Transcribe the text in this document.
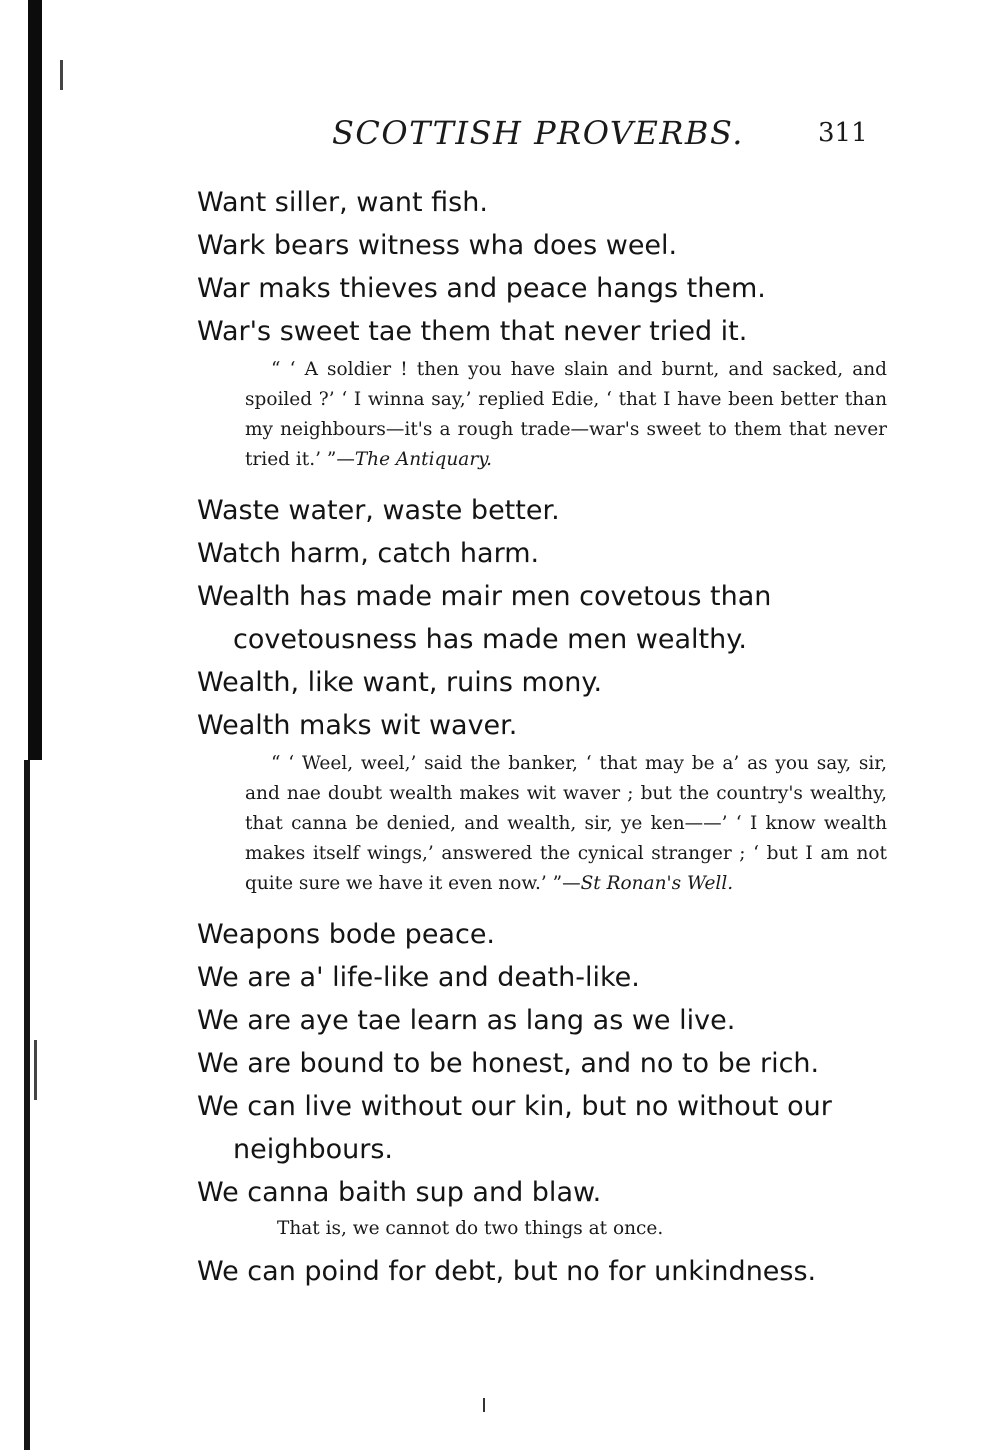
SCOTTISH PROVERBS.	311

Want siller, want fish.

Wark bears witness wha does weel.

War maks thieves and peace hangs them.

War's sweet tae them that never tried it.

“ ‘ A soldier ! then you have slain and burnt, and sacked, and spoiled ?’ ‘ I winna say,’ replied Edie, ‘ that I have been better than my neighbours—it's a rough trade—war's sweet to them that never tried it.’ ”—The Antiquary.

Waste water, waste better.

Watch harm, catch harm.

Wealth has made mair men covetous than covetousness has made men wealthy.

Wealth, like want, ruins mony.

Wealth maks wit waver.

“ ‘ Weel, weel,’ said the banker, ‘ that may be a’ as you say, sir, and nae doubt wealth makes wit waver ; but the country's wealthy, that canna be denied, and wealth, sir, ye ken——’ ‘ I know wealth makes itself wings,’ answered the cynical stranger ; ‘ but I am not quite sure we have it even now.’ ”—St Ronan's Well.

Weapons bode peace.

We are a' life-like and death-like.

We are aye tae learn as lang as we live.

We are bound to be honest, and no to be rich.

We can live without our kin, but no without our neighbours.

We canna baith sup and blaw.

That is, we cannot do two things at once.

We can poind for debt, but no for unkindness.
